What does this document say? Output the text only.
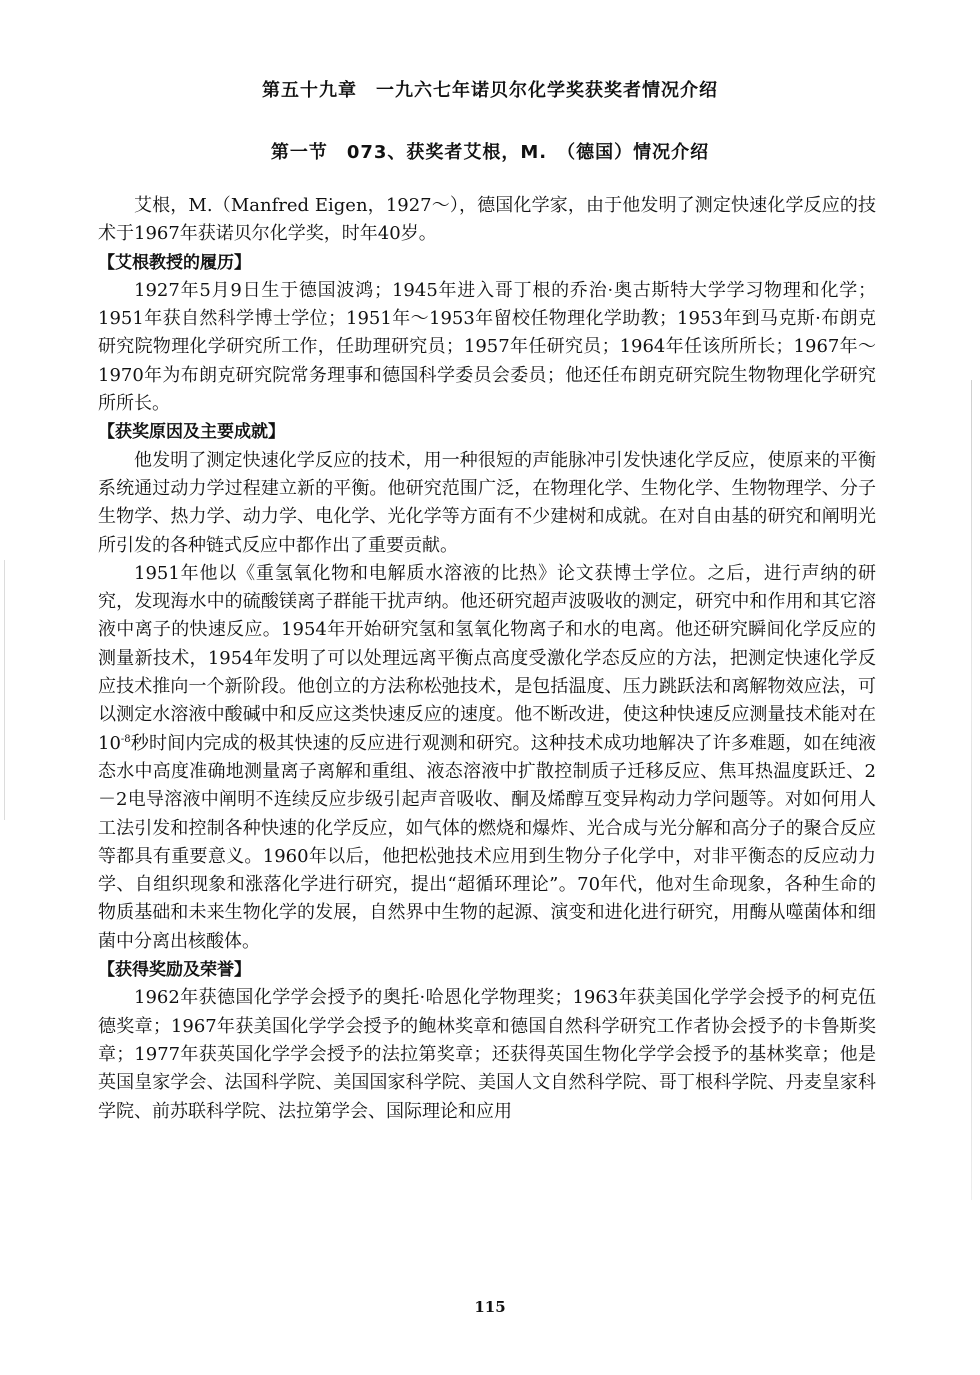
第五十九章　一九六七年诺贝尔化学奖获奖者情况介绍
第一节　073、获奖者艾根，M.　（德国）情况介绍

艾根，M.（Manfred Eigen，1927～），德国化学家，由于他发明了测定快速化学反应的技术于1967年获诺贝尔化学奖，时年40岁。

【艾根教授的履历】

1927年5月9日生于德国波鸿；1945年进入哥丁根的乔治·奥古斯特大学学习物理和化学；1951年获自然科学博士学位；1951年～1953年留校任物理化学助教；1953年到马克斯·布朗克研究院物理化学研究所工作，任助理研究员；1957年任研究员；1964年任该所所长；1967年～1970年为布朗克研究院常务理事和德国科学委员会委员；他还任布朗克研究院生物物理化学研究所所长。

【获奖原因及主要成就】

他发明了测定快速化学反应的技术，用一种很短的声能脉冲引发快速化学反应，使原来的平衡系统通过动力学过程建立新的平衡。他研究范围广泛，在物理化学、生物化学、生物物理学、分子生物学、热力学、动力学、电化学、光化学等方面有不少建树和成就。在对自由基的研究和阐明光所引发的各种链式反应中都作出了重要贡献。

1951年他以《重氢氧化物和电解质水溶液的比热》论文获博士学位。之后，进行声纳的研究，发现海水中的硫酸镁离子群能干扰声纳。他还研究超声波吸收的测定，研究中和作用和其它溶液中离子的快速反应。1954年开始研究氢和氢氧化物离子和水的电离。他还研究瞬间化学反应的测量新技术，1954年发明了可以处理远离平衡点高度受激化学态反应的方法，把测定快速化学反应技术推向一个新阶段。他创立的方法称松弛技术，是包括温度、压力跳跃法和离解物效应法，可以测定水溶液中酸碱中和反应这类快速反应的速度。他不断改进，使这种快速反应测量技术能对在$10^{-8}$秒时间内完成的极其快速的反应进行观测和研究。这种技术成功地解决了许多难题，如在纯液态水中高度准确地测量离子离解和重组、液态溶液中扩散控制质子迁移反应、焦耳热温度跃迁、2－2电导溶液中阐明不连续反应步级引起声音吸收、酮及烯醇互变异构动力学问题等。对如何用人工法引发和控制各种快速的化学反应，如气体的燃烧和爆炸、光合成与光分解和高分子的聚合反应等都具有重要意义。1960年以后，他把松弛技术应用到生物分子化学中，对非平衡态的反应动力学、自组织现象和涨落化学进行研究，提出“超循环理论”。70年代，他对生命现象，各种生命的物质基础和未来生物化学的发展，自然界中生物的起源、演变和进化进行研究，用酶从噬菌体和细菌中分离出核酸体。

【获得奖励及荣誉】

1962年获德国化学学会授予的奥托·哈恩化学物理奖；1963年获美国化学学会授予的柯克伍德奖章；1967年获美国化学学会授予的鲍林奖章和德国自然科学研究工作者协会授予的卡鲁斯奖章；1977年获英国化学学会授予的法拉第奖章；还获得英国生物化学学会授予的基林奖章；他是英国皇家学会、法国科学院、美国国家科学院、美国人文自然科学院、哥丁根科学院、丹麦皇家科学院、前苏联科学院、法拉第学会、国际理论和应用

115
